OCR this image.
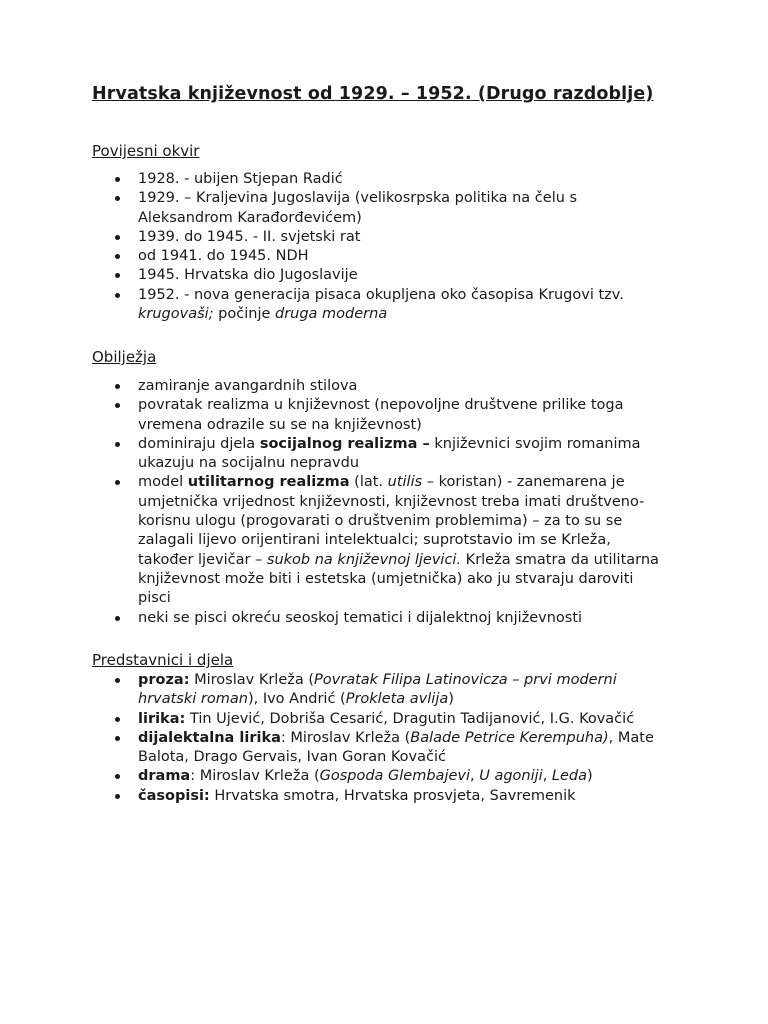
Hrvatska književnost od 1929. – 1952. (Drugo razdoblje)
Povijesni okvir
1928. - ubijen Stjepan Radić
1929. – Kraljevina Jugoslavija (velikosrpska politika na čelu s Aleksandrom Karađorđevićem)
1939. do 1945. - II. svjetski rat
od 1941. do 1945. NDH
1945. Hrvatska dio Jugoslavije
1952. - nova generacija pisaca okupljena oko časopisa Krugovi tzv. krugovaši; počinje druga moderna
Obilježja
zamiranje avangardnih stilova
povratak realizma u književnost (nepovoljne društvene prilike toga vremena odrazile su se na književnost)
dominiraju djela socijalnog realizma – književnici svojim romanima ukazuju na socijalnu nepravdu
model utilitarnog realizma (lat. utilis – koristan) - zanemarena je umjetnička vrijednost književnosti, književnost treba imati društveno-korisnu ulogu (progovarati o društvenim problemima) – za to su se zalagali lijevo orijentirani intelektualci; suprotstavio im se Krleža, također ljevičar – sukob na književnoj ljevici. Krleža smatra da utilitarna književnost može biti i estetska (umjetnička) ako ju stvaraju daroviti pisci
neki se pisci okreću seoskoj tematici i dijalektnoj književnosti
Predstavnici i djela
proza: Miroslav Krleža (Povratak Filipa Latinovicza – prvi moderni hrvatski roman), Ivo Andrić (Prokleta avlija)
lirika: Tin Ujević, Dobriša Cesarić, Dragutin Tadijanović, I.G. Kovačić
dijalektalna lirika: Miroslav Krleža (Balade Petrice Kerempuha), Mate Balota, Drago Gervais, Ivan Goran Kovačić
drama: Miroslav Krleža (Gospoda Glembajevi, U agoniji, Leda)
časopisi: Hrvatska smotra, Hrvatska prosvjeta, Savremenik
